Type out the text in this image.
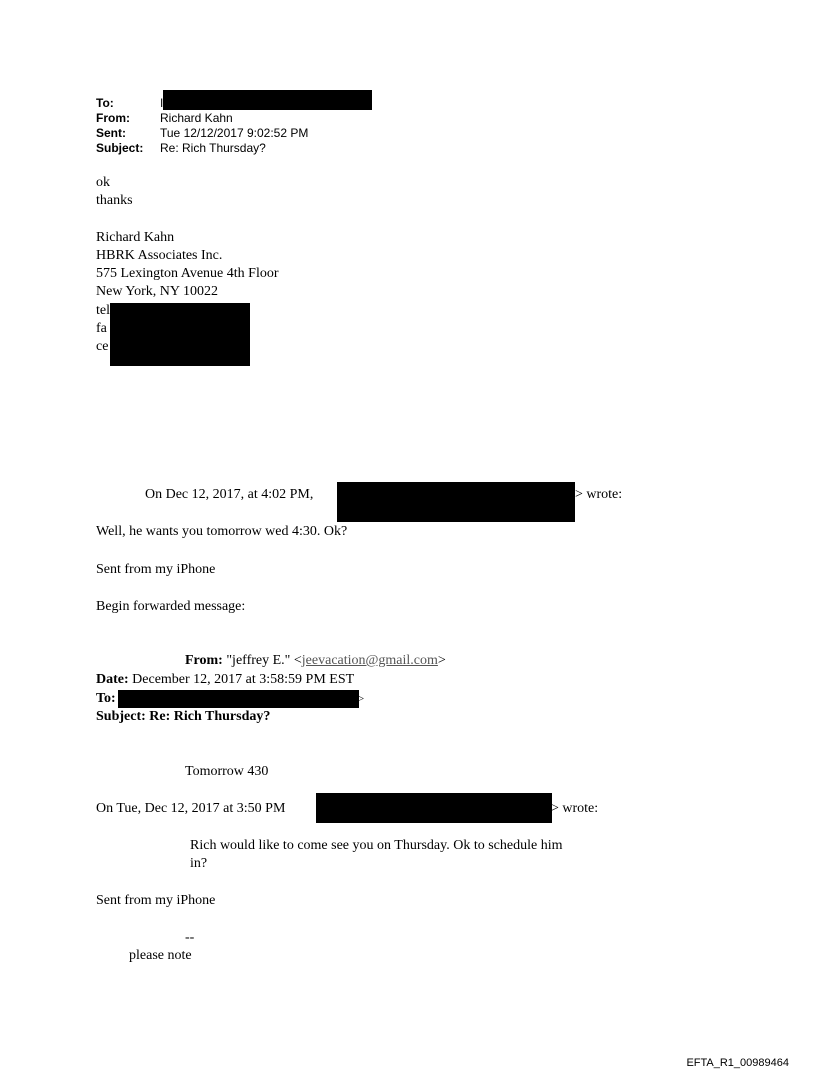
To:	I
From:	Richard Kahn
Sent:	Tue 12/12/2017 9:02:52 PM
Subject: Re: Rich Thursday?
ok
thanks
Richard Kahn
HBRK Associates Inc.
575 Lexington Avenue 4th Floor
New York, NY 10022
tel
fa
ce
On Dec 12, 2017, at 4:02 PM,	> wrote:
Well, he wants you tomorrow wed 4:30. Ok?
Sent from my iPhone
Begin forwarded message:
From: "jeffrey E." <jeevacation@gmail.com>
Date: December 12, 2017 at 3:58:59 PM EST
To:	>
Subject: Re: Rich Thursday?
Tomorrow 430
On Tue, Dec 12, 2017 at 3:50 PM	> wrote:
Rich would like to come see you on Thursday. Ok to schedule him
in?
Sent from my iPhone
--
please note
EFTA_R1_00989464
